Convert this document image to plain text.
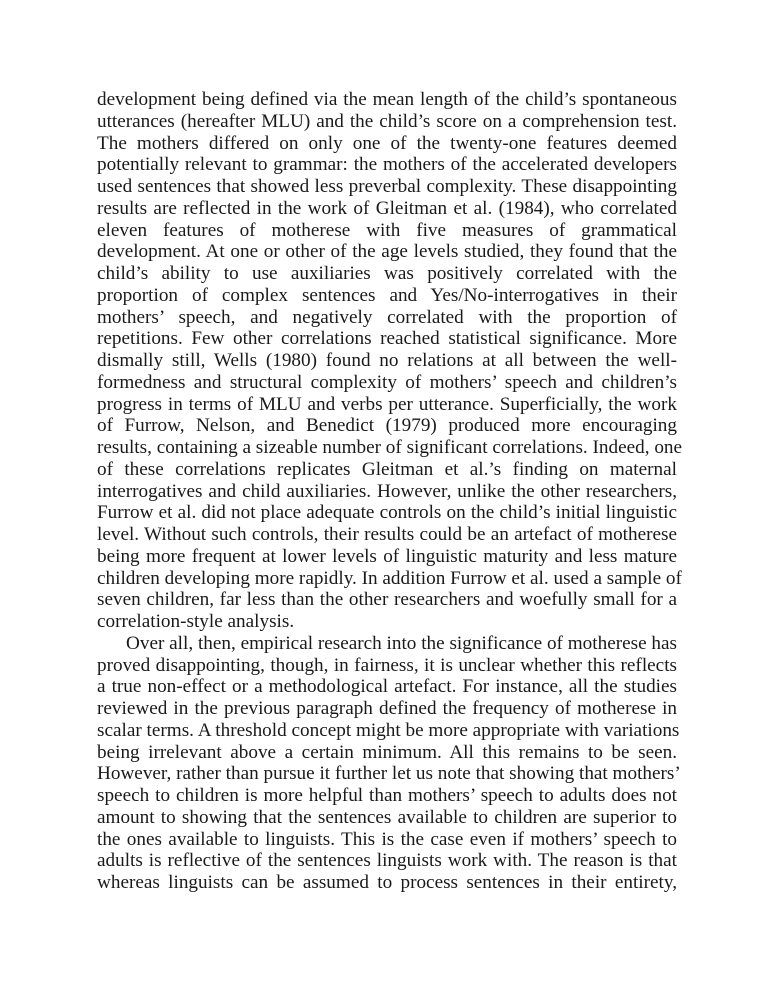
development being defined via the mean length of the child’s spontaneous
utterances (hereafter MLU) and the child’s score on a comprehension test.
The mothers differed on only one of the twenty-one features deemed
potentially relevant to grammar: the mothers of the accelerated developers
used sentences that showed less preverbal complexity. These disappointing
results are reflected in the work of Gleitman et al. (1984), who correlated
eleven features of motherese with five measures of grammatical
development. At one or other of the age levels studied, they found that the
child’s ability to use auxiliaries was positively correlated with the
proportion of complex sentences and Yes/No-interrogatives in their
mothers’ speech, and negatively correlated with the proportion of
repetitions. Few other correlations reached statistical significance. More
dismally still, Wells (1980) found no relations at all between the well-
formedness and structural complexity of mothers’ speech and children’s
progress in terms of MLU and verbs per utterance. Superficially, the work
of Furrow, Nelson, and Benedict (1979) produced more encouraging
results, containing a sizeable number of significant correlations. Indeed, one
of these correlations replicates Gleitman et al.’s finding on maternal
interrogatives and child auxiliaries. However, unlike the other researchers,
Furrow et al. did not place adequate controls on the child’s initial linguistic
level. Without such controls, their results could be an artefact of motherese
being more frequent at lower levels of linguistic maturity and less mature
children developing more rapidly. In addition Furrow et al. used a sample of
seven children, far less than the other researchers and woefully small for a
correlation-style analysis.
Over all, then, empirical research into the significance of motherese has
proved disappointing, though, in fairness, it is unclear whether this reflects
a true non-effect or a methodological artefact. For instance, all the studies
reviewed in the previous paragraph defined the frequency of motherese in
scalar terms. A threshold concept might be more appropriate with variations
being irrelevant above a certain minimum. All this remains to be seen.
However, rather than pursue it further let us note that showing that mothers’
speech to children is more helpful than mothers’ speech to adults does not
amount to showing that the sentences available to children are superior to
the ones available to linguists. This is the case even if mothers’ speech to
adults is reflective of the sentences linguists work with. The reason is that
whereas linguists can be assumed to process sentences in their entirety,
